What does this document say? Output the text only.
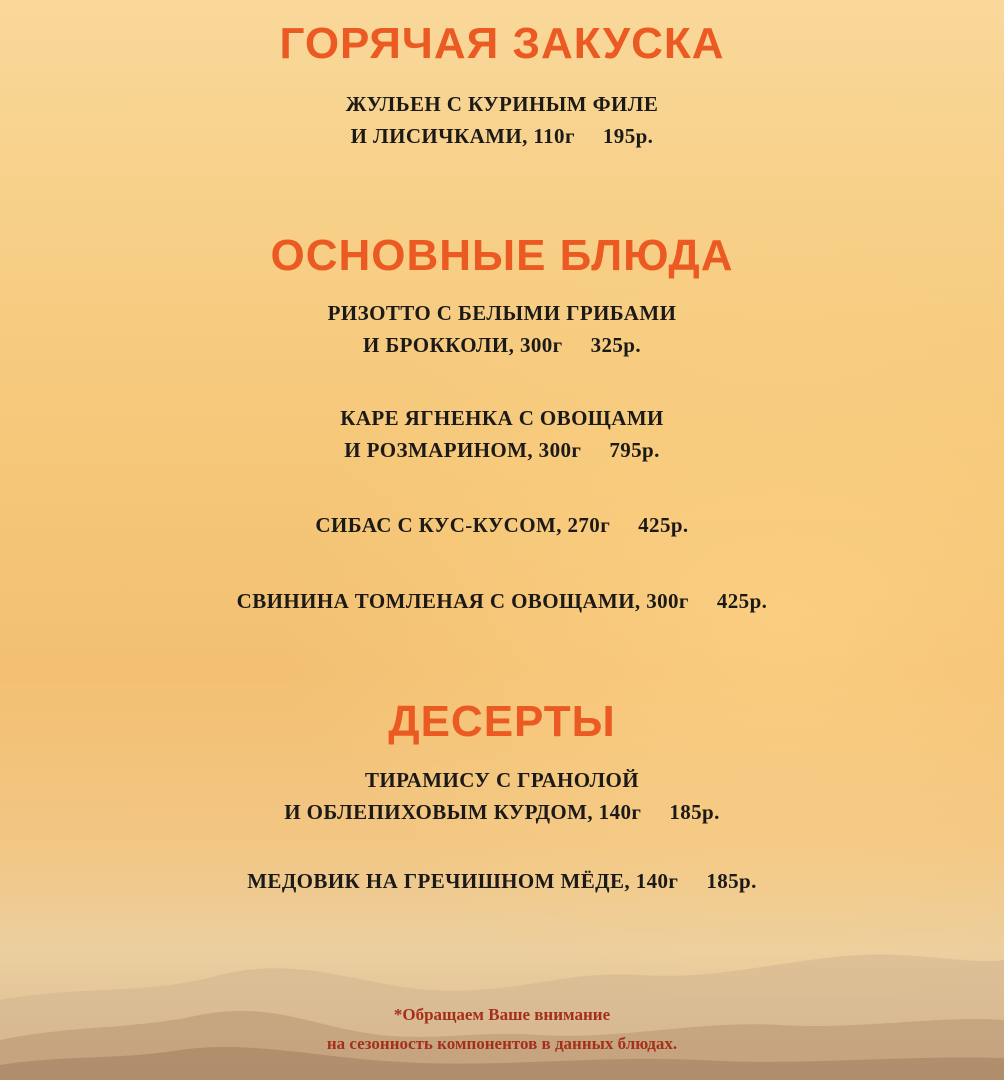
ГОРЯЧАЯ ЗАКУСКА
ЖУЛЬЕН С КУРИНЫМ ФИЛЕ
И ЛИСИЧКАМИ, 110г 195р.
ОСНОВНЫЕ БЛЮДА
РИЗОТТО С БЕЛЫМИ ГРИБАМИ
И БРОККОЛИ, 300г 325р.
КАРЕ ЯГНЕНКА С ОВОЩАМИ
И РОЗМАРИНОМ, 300г 795р.
СИБАС С КУС-КУСОМ, 270г 425р.
СВИНИНА ТОМЛЕНАЯ С ОВОЩАМИ, 300г 425р.
ДЕСЕРТЫ
ТИРАМИСУ С ГРАНОЛОЙ
И ОБЛЕПИХОВЫМ КУРДОМ, 140г 185р.
МЕДОВИК НА ГРЕЧИШНОМ МЁДЕ, 140г 185р.
*Обращаем Ваше внимание
на сезонность компонентов в данных блюдах.
